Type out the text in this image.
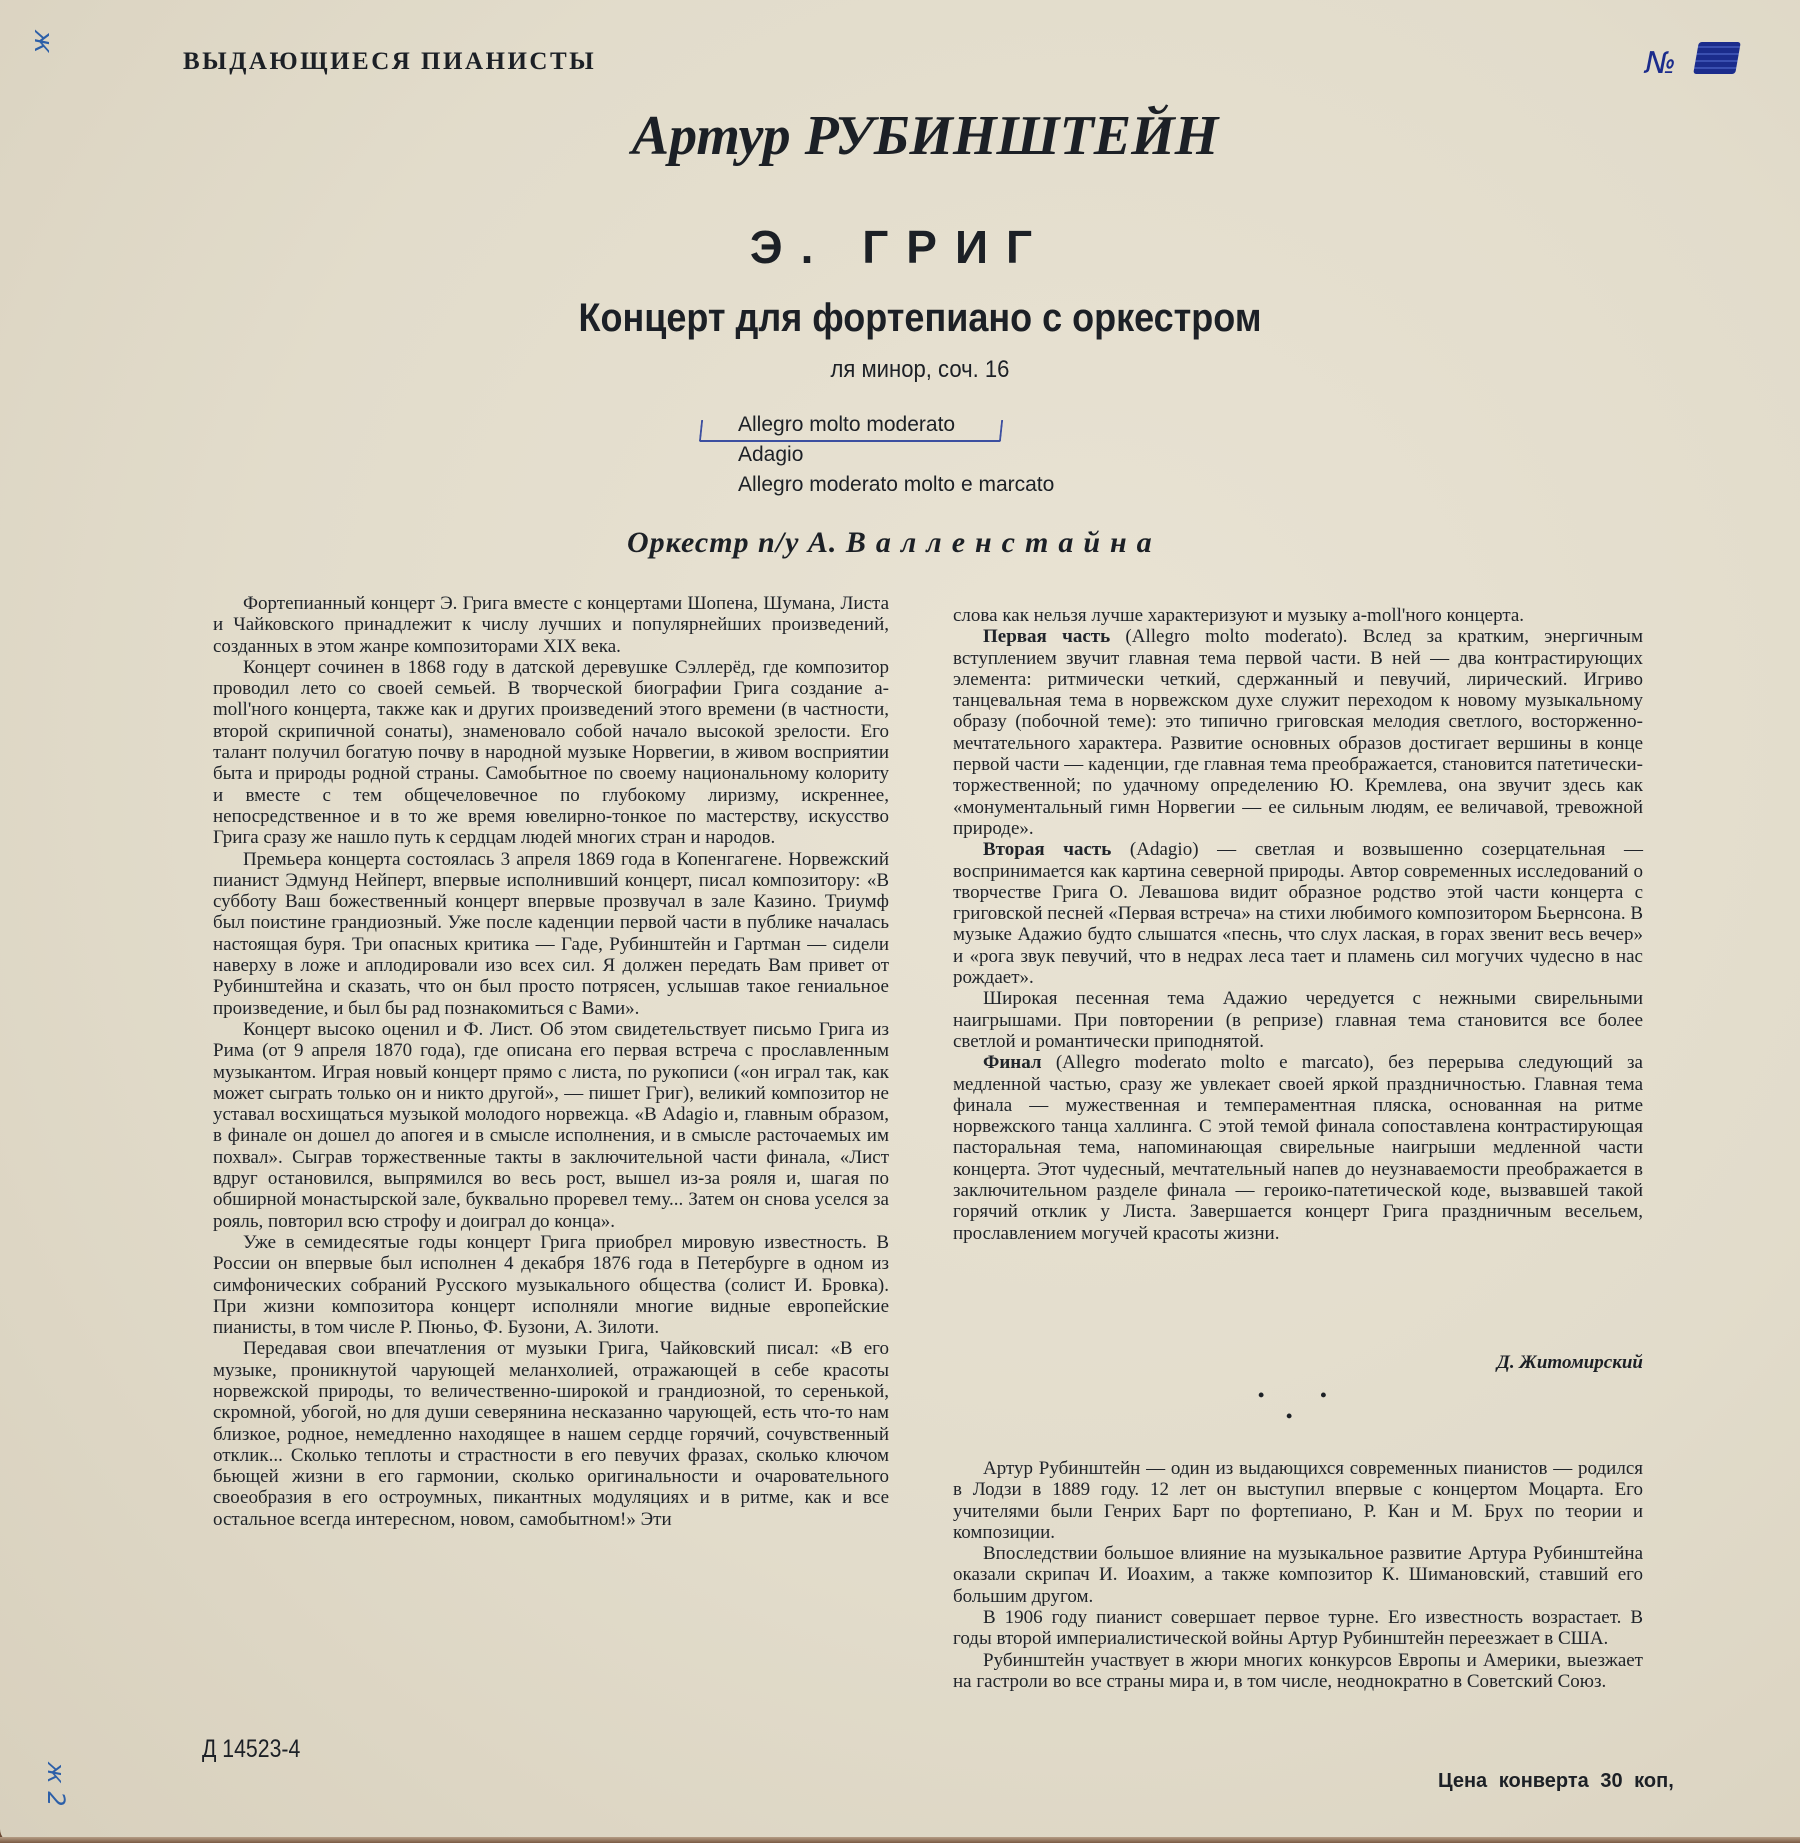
ж
№
ВЫДАЮЩИЕСЯ ПИАНИСТЫ
Артур РУБИНШТЕЙН
Э. ГРИГ
Концерт для фортепиано с оркестром
ля минор, соч. 16
Allegro molto moderato
Adagio
Allegro moderato molto e marcato
Оркестр п/у А. Валленстайна

Фортепианный концерт Э. Грига вместе с концертами Шопена, Шумана, Листа и Чайковского принадлежит к числу лучших и популярнейших произведений, созданных в этом жанре композиторами XIX века.

Концерт сочинен в 1868 году в датской деревушке Сэллерёд, где композитор проводил лето со своей семьей. В творческой биографии Грига создание a-moll'ного концерта, также как и других произведений этого времени (в частности, второй скрипичной сонаты), знаменовало собой начало высокой зрелости. Его талант получил богатую почву в народной музыке Норвегии, в живом восприятии быта и природы родной страны. Самобытное по своему национальному колориту и вместе с тем общечеловечное по глубокому лиризму, искреннее, непосредственное и в то же время ювелирно-тонкое по мастерству, искусство Грига сразу же нашло путь к сердцам людей многих стран и народов.

Премьера концерта состоялась 3 апреля 1869 года в Копенгагене. Норвежский пианист Эдмунд Нейперт, впервые исполнивший концерт, писал композитору: «В субботу Ваш божественный концерт впервые прозвучал в зале Казино. Триумф был поистине грандиозный. Уже после каденции первой части в публике началась настоящая буря. Три опасных критика — Гаде, Рубинштейн и Гартман — сидели наверху в ложе и аплодировали изо всех сил. Я должен передать Вам привет от Рубинштейна и сказать, что он был просто потрясен, услышав такое гениальное произведение, и был бы рад познакомиться с Вами».

Концерт высоко оценил и Ф. Лист. Об этом свидетельствует письмо Грига из Рима (от 9 апреля 1870 года), где описана его первая встреча с прославленным музыкантом. Играя новый концерт прямо с листа, по рукописи («он играл так, как может сыграть только он и никто другой», — пишет Григ), великий композитор не уставал восхищаться музыкой молодого норвежца. «В Adagio и, главным образом, в финале он дошел до апогея и в смысле исполнения, и в смысле расточаемых им похвал». Сыграв торжественные такты в заключительной части финала, «Лист вдруг остановился, выпрямился во весь рост, вышел из-за рояля и, шагая по обширной монастырской зале, буквально проревел тему... Затем он снова уселся за рояль, повторил всю строфу и доиграл до конца».

Уже в семидесятые годы концерт Грига приобрел мировую известность. В России он впервые был исполнен 4 декабря 1876 года в Петербурге в одном из симфонических собраний Русского музыкального общества (солист И. Бровка). При жизни композитора концерт исполняли многие видные европейские пианисты, в том числе Р. Пюньо, Ф. Бузони, А. Зилоти.

Передавая свои впечатления от музыки Грига, Чайковский писал: «В его музыке, проникнутой чарующей меланхолией, отражающей в себе красоты норвежской природы, то величественно-широкой и грандиозной, то серенькой, скромной, убогой, но для души северянина несказанно чарующей, есть что-то нам близкое, родное, немедленно находящее в нашем сердце горячий, сочувственный отклик... Сколько теплоты и страстности в его певучих фразах, сколько ключом бьющей жизни в его гармонии, сколько оригинальности и очаровательного своеобразия в его остроумных, пикантных модуляциях и в ритме, как и все остальное всегда интересном, новом, самобытном!» Эти

слова как нельзя лучше характеризуют и музыку a-moll'ного концерта.

Первая часть (Allegro molto moderato). Вслед за кратким, энергичным вступлением звучит главная тема первой части. В ней — два контрастирующих элемента: ритмически четкий, сдержанный и певучий, лирический. Игриво танцевальная тема в норвежском духе служит переходом к новому музыкальному образу (побочной теме): это типично григовская мелодия светлого, восторженно-мечтательного характера. Развитие основных образов достигает вершины в конце первой части — каденции, где главная тема преображается, становится патетически-торжественной; по удачному определению Ю. Кремлева, она звучит здесь как «монументальный гимн Норвегии — ее сильным людям, ее величавой, тревожной природе».

Вторая часть (Adagio) — светлая и возвышенно созерцательная — воспринимается как картина северной природы. Автор современных исследований о творчестве Грига О. Левашова видит образное родство этой части концерта с григовской песней «Первая встреча» на стихи любимого композитором Бьернсона. В музыке Адажио будто слышатся «песнь, что слух лаская, в горах звенит весь вечер» и «рога звук певучий, что в недрах леса тает и пламень сил могучих чудесно в нас рождает».

Широкая песенная тема Адажио чередуется с нежными свирельными наигрышами. При повторении (в репризе) главная тема становится все более светлой и романтически приподнятой.

Финал (Allegro moderato molto e marcato), без перерыва следующий за медленной частью, сразу же увлекает своей яркой праздничностью. Главная тема финала — мужественная и темпераментная пляска, основанная на ритме норвежского танца халлинга. С этой темой финала сопоставлена контрастирующая пасторальная тема, напоминающая свирельные наигрыши медленной части концерта. Этот чудесный, мечтательный напев до неузнаваемости преображается в заключительном разделе финала — героико-патетической коде, вызвавшей такой горячий отклик у Листа. Завершается концерт Грига праздничным весельем, прославлением могучей красоты жизни.

Д. Житомирский
••
•

Артур Рубинштейн — один из выдающихся современных пианистов — родился в Лодзи в 1889 году. 12 лет он выступил впервые с концертом Моцарта. Его учителями были Генрих Барт по фортепиано, Р. Кан и М. Брух по теории и композиции.

Впоследствии большое влияние на музыкальное развитие Артура Рубинштейна оказали скрипач И. Иоахим, а также композитор К. Шимановский, ставший его большим другом.

В 1906 году пианист совершает первое турне. Его известность возрастает. В годы второй империалистической войны Артур Рубинштейн переезжает в США.

Рубинштейн участвует в жюри многих конкурсов Европы и Америки, выезжает на гастроли во все страны мира и, в том числе, неоднократно в Советский Союз.

Д 14523-4
Цена конверта 30 коп,
ж 2
